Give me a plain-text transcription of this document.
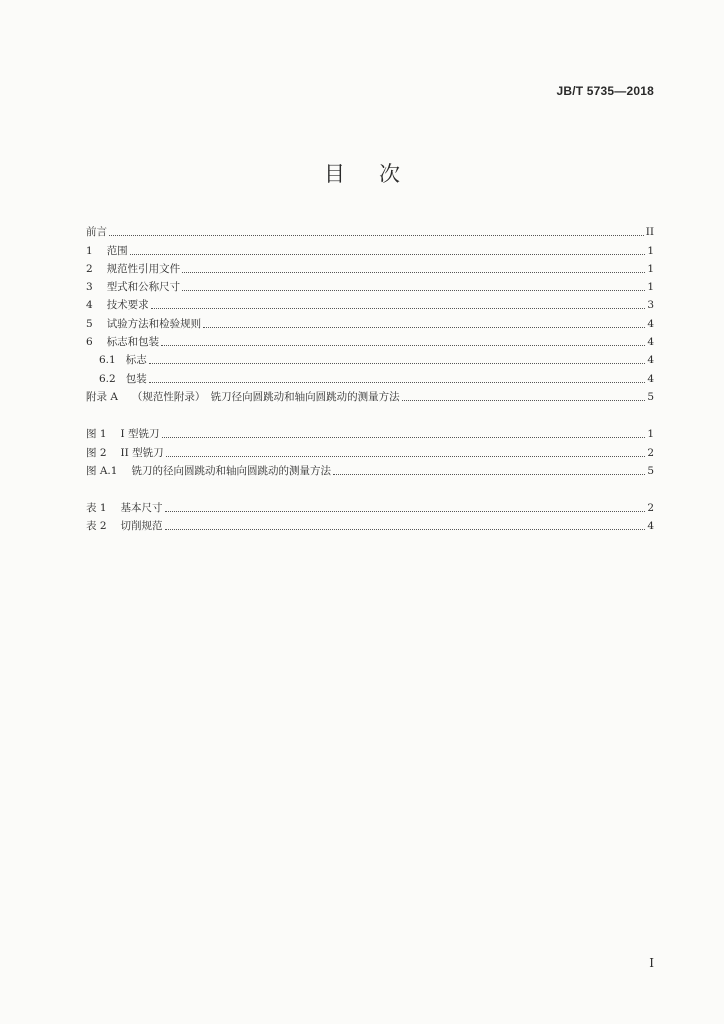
JB/T 5735—2018
目次
前言	II
1 范围	1
2 规范性引用文件	1
3 型式和公称尺寸	1
4 技术要求	3
5 试验方法和检验规则	4
6 标志和包装	4
6.1 标志	4
6.2 包装	4
附录 A （规范性附录）　铣刀径向圆跳动和轴向圆跳动的测量方法	5
图 1 I 型铣刀	1
图 2 II 型铣刀	2
图 A.1 铣刀的径向圆跳动和轴向圆跳动的测量方法	5
表 1 基本尺寸	2
表 2 切削规范	4
I
